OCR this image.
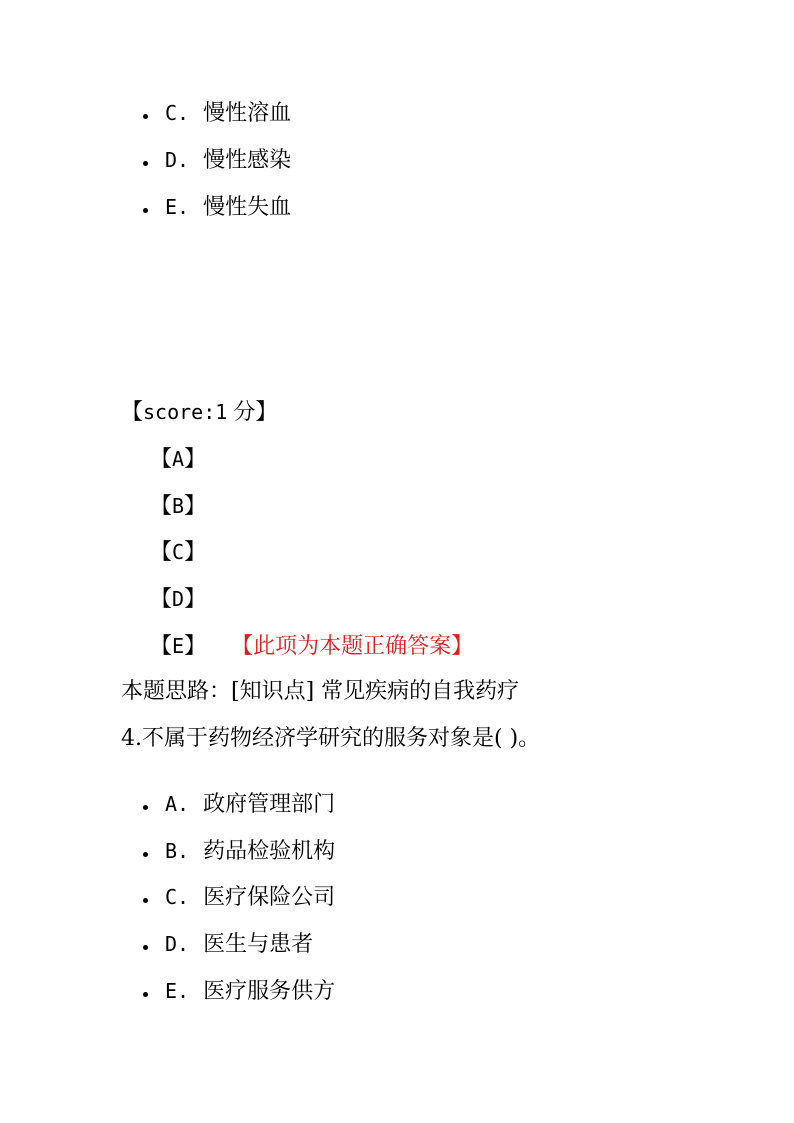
C. 慢性溶血
D. 慢性感染
E. 慢性失血
【score:1 分】
【A】
【B】
【C】
【D】
【E】 【此项为本题正确答案】
本题思路：[知识点] 常见疾病的自我药疗
4.不属于药物经济学研究的服务对象是( )。
A. 政府管理部门
B. 药品检验机构
C. 医疗保险公司
D. 医生与患者
E. 医疗服务供方
